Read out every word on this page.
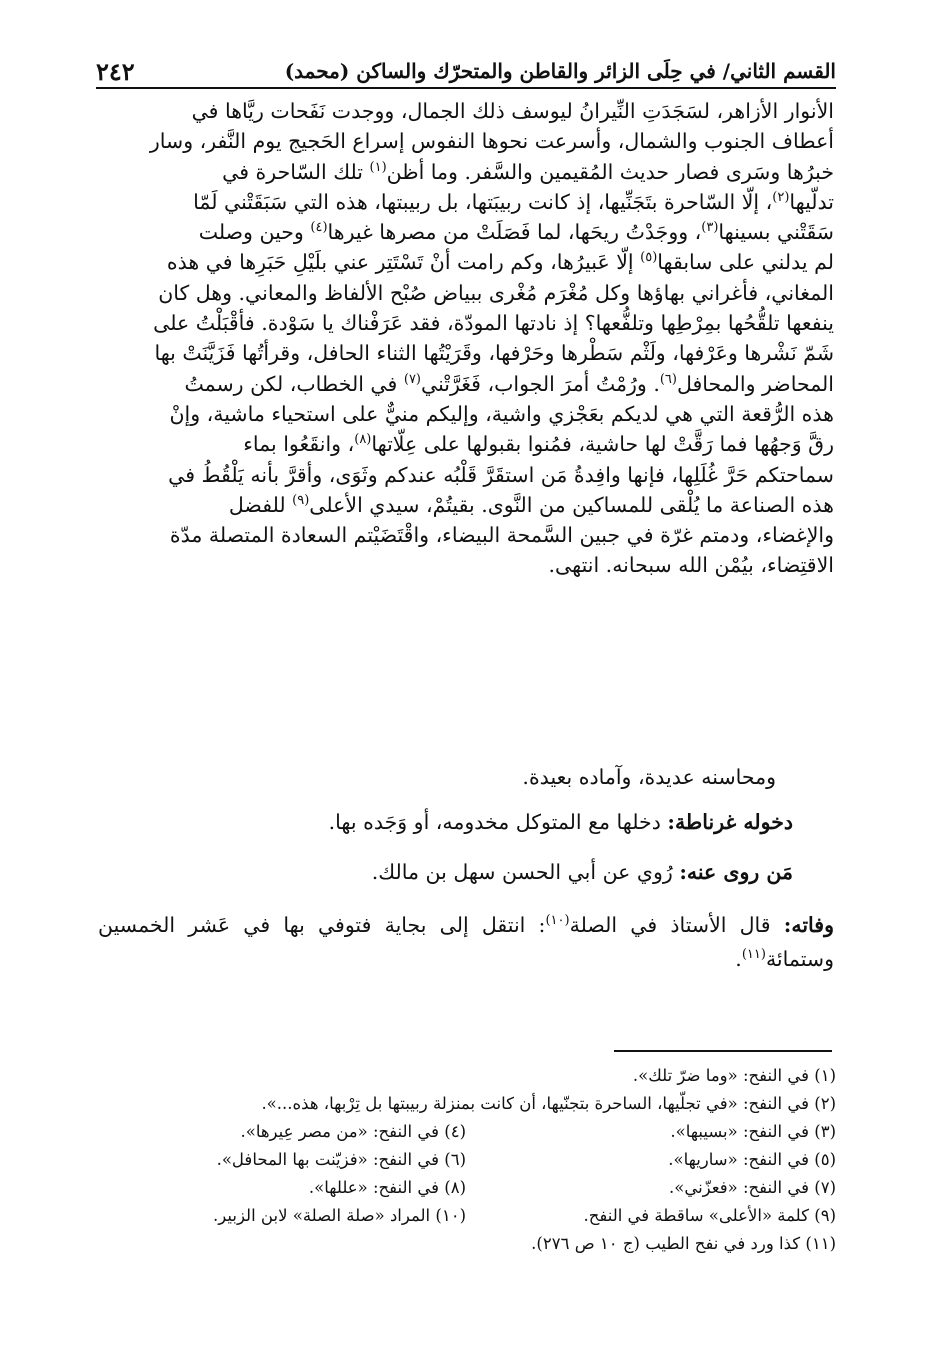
القسم الثاني/ في حِلَى الزائر والقاطن والمتحرّك والساكن (محمد)
٢٤٢

الأنوار الأزاهر، لسَجَدَتِ النِّيرانُ ليوسف ذلك الجمال، ووجدت نَفَحات ريَّاها في

أعطاف الجنوب والشمال، وأسرعت نحوها النفوس إسراع الحَجيج يوم النَّفر، وسار

خبرُها وسَرى فصار حديث المُقيمين والسَّفر. وما أظن$^{(١)}$ تلك السّاحرة في

تدلّيها$^{(٢)}$، إلّا السّاحرة بتَجَنِّيها، إذ كانت ربيبَتها، بل ربيبتها، هذه التي سَبَقَتْني لَمّا

سَقَتْني بسينها$^{(٣)}$، ووجَدْتُ ريحَها، لما فَصَلَتْ من مصرها غيرها$^{(٤)}$ وحين وصلت

لم يدلني على سابقها$^{(٥)}$ إلّا عَبيرُها، وكم رامت أنْ تَسْتَتِر عني بلَيْلِ حَبَرِها في هذه

المغاني، فأغراني بهاؤها وكل مُغْرَم مُغْرى ببياض صُبْح الألفاظ والمعاني. وهل كان

ينفعها تلقُّحُها بمِرْطِها وتلفُّعها؟ إذ نادتها المودّة، فقد عَرَفْناك يا سَوْدة. فأقْبَلْتُ على

شَمّ نَشْرها وعَرْفها، ولَثْم سَطْرها وحَرْفها، وقَرَيْتُها الثناء الحافل، وقرأتُها فَزَيَّنَتْ بها

المحاضر والمحافل$^{(٦)}$. ورُمْتُ أمرَ الجواب، فَغَرَّتْني$^{(٧)}$ في الخطاب، لكن رسمتُ

هذه الرُّقعة التي هي لديكم بعَجْزي واشية، وإليكم منيٌّ على استحياء ماشية، وإنْ

رقَّ وَجهُها فما رَقَّتْ لها حاشية، فمُنوا بقبولها على عِلّاتها$^{(٨)}$، وانقَعُوا بماء

سماحتكم حَرَّ غُلَلِها، فإنها وافِدةُ مَن استقَرَّ قَلْبُه عندكم وثَوَى، وأقرَّ بأنه يَلْقُطُ في

هذه الصناعة ما يُلْقى للمساكين من النَّوى. بقيتُمْ، سيدي الأعلى$^{(٩)}$ للفضل

والإغضاء، ودمتم غرّة في جبين السَّمحة البيضاء، واقْتَضَيْتم السعادة المتصلة مدّة

الاقتِضاء، بيُمْن الله سبحانه. انتهى.

ومحاسنه عديدة، وآماده بعيدة.
دخوله غرناطة: دخلها مع المتوكل مخدومه، أو وَجَده بها.
مَن روى عنه: رُوي عن أبي الحسن سهل بن مالك.
وفاته: قال الأستاذ في الصلة$^{(١٠)}$: انتقل إلى بجاية فتوفي بها في عَشر الخمسين وستمائة$^{(١١)}$.
(١) في النفح: «وما ضرّ تلك».
(٢) في النفح: «في تجلّيها، الساحرة بتجنّيها، أن كانت بمنزلة ربيبتها بل تِرْبها، هذه...».
(٣) في النفح: «بسيبها».
(٤) في النفح: «من مصر عِيرها».
(٥) في النفح: «ساريها».
(٦) في النفح: «فزيّنت بها المحافل».
(٧) في النفح: «فعزّني».
(٨) في النفح: «عللها».
(٩) كلمة «الأعلى» ساقطة في النفح.
(١٠) المراد «صلة الصلة» لابن الزبير.
(١١) كذا ورد في نفح الطيب (ج ١٠ ص ٢٧٦).
